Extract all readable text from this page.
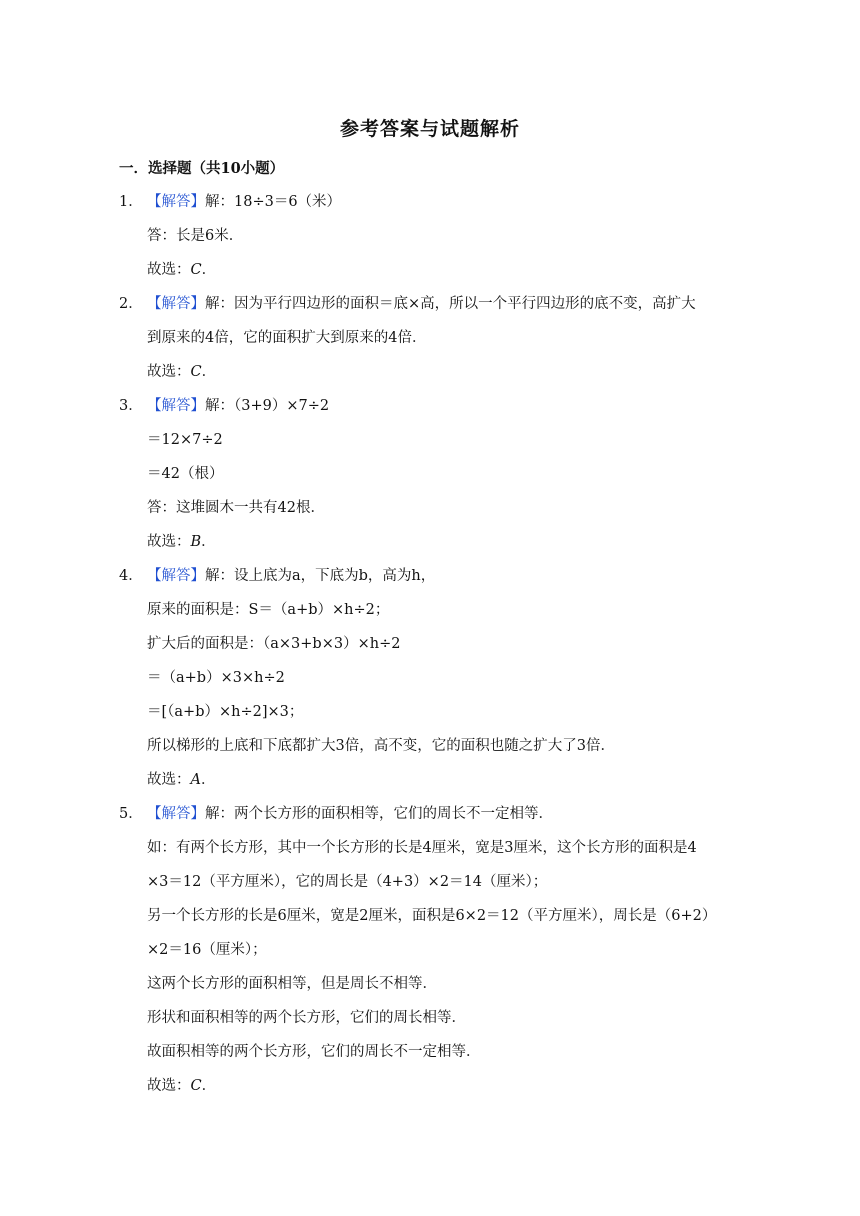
参考答案与试题解析
一．选择题（共10小题）
1． 【解答】解：18÷3＝6（米）
答：长是6米．
故选：C．
2． 【解答】解：因为平行四边形的面积＝底×高，所以一个平行四边形的底不变，高扩大
到原来的4倍，它的面积扩大到原来的4倍．
故选：C．
3． 【解答】解：（3+9）×7÷2
＝12×7÷2
＝42（根）
答：这堆圆木一共有42根．
故选：B．
4． 【解答】解：设上底为a，下底为b，高为h，
原来的面积是：S＝（a+b）×h÷2；
扩大后的面积是：（a×3+b×3）×h÷2
＝（a+b）×3×h÷2
＝[（a+b）×h÷2]×3；
所以梯形的上底和下底都扩大3倍，高不变，它的面积也随之扩大了3倍．
故选：A．
5． 【解答】解：两个长方形的面积相等，它们的周长不一定相等．
如：有两个长方形，其中一个长方形的长是4厘米，宽是3厘米，这个长方形的面积是4
×3＝12（平方厘米），它的周长是（4+3）×2＝14（厘米）；
另一个长方形的长是6厘米，宽是2厘米，面积是6×2＝12（平方厘米），周长是（6+2）
×2＝16（厘米）；
这两个长方形的面积相等，但是周长不相等．
形状和面积相等的两个长方形，它们的周长相等．
故面积相等的两个长方形，它们的周长不一定相等．
故选：C．
